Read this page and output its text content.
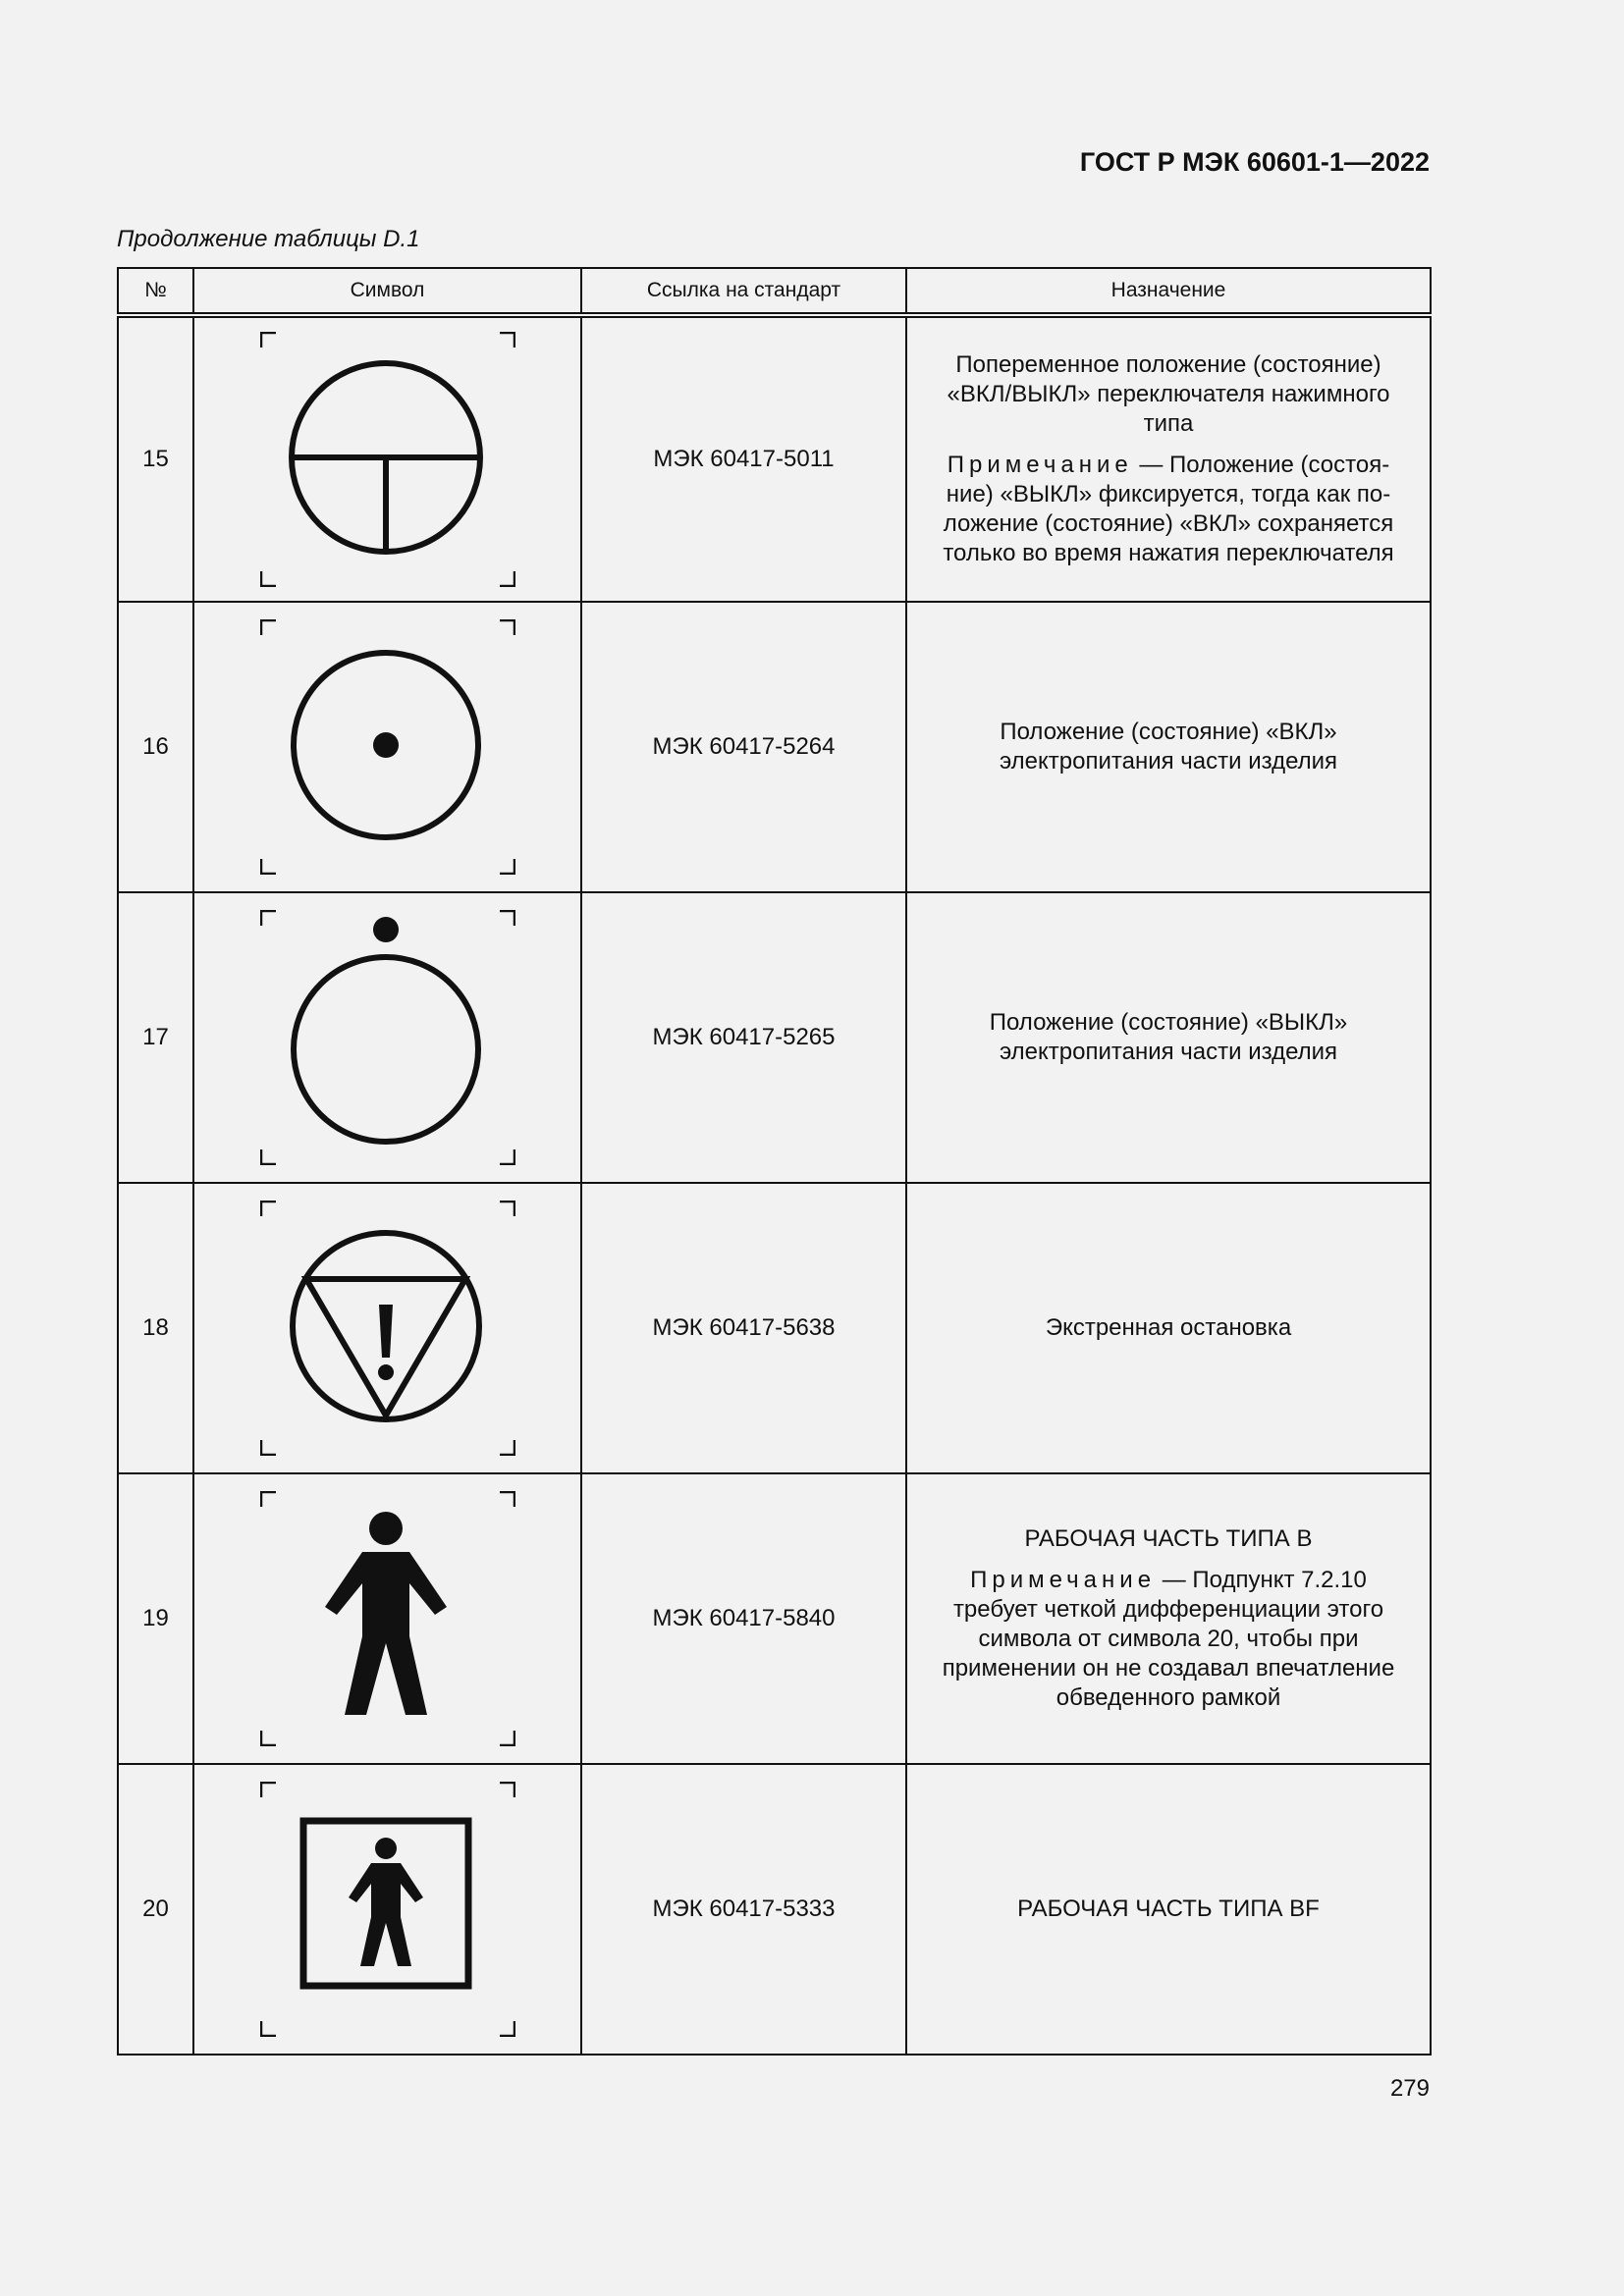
ГОСТ Р МЭК 60601-1—2022
Продолжение таблицы D.1
№	Символ	Ссылка на стандарт	Назначение
15		МЭК 60417-5011	Попеременное положение (состояние) «ВКЛ/ВЫКЛ» переключателя нажимного типа

Примечание — Положение (состоя-ние) «ВЫКЛ» фиксируется, тогда как по-ложение (состояние) «ВКЛ» сохраняется только во время нажатия переключателя

16		МЭК 60417-5264	Положение (состояние) «ВКЛ» электропитания части изделия

17		МЭК 60417-5265	Положение (состояние) «ВЫКЛ» электропитания части изделия

18		МЭК 60417-5638	Экстренная остановка

19		МЭК 60417-5840	РАБОЧАЯ ЧАСТЬ ТИПА B

Примечание — Подпункт 7.2.10 требует четкой дифференциации этого символа от символа 20, чтобы при применении он не создавал впечатление обведенного рамкой

20		МЭК 60417-5333	РАБОЧАЯ ЧАСТЬ ТИПА BF

279
